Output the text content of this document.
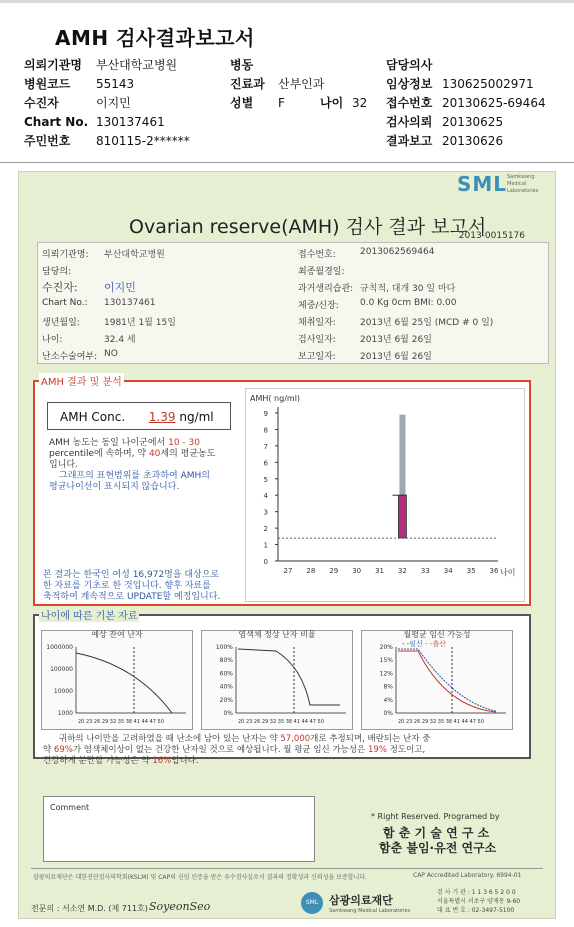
AMH 검사결과보고서
의뢰기관명 부산대학교병원
병원코드 55143
수진자	이지민
Chart No. 130137461
주민번호 810115-2******
병동
진료과 산부인과
성별 F	나이 32
담당의사
임상정보 130625002971
접수번호 20130625-69464
검사의뢰 20130625
결과보고 20130626
SML Samkwang Medical Laboratories
Ovarian reserve(AMH) 검사 결과 보고서
2013-0015176
의뢰기관명: 부산대학교병원
담당의:
수진자: 이지민
Chart No.: 130137461
생년월일:	1981년 1월 15일
나이:	32.4 세
난소수술여부: NO
접수번호:	2013062569464
최종월경일:
과거생리습관: 규칙적, 대개 30 일 마다
체중/신장: 0.0 Kg 0cm BMI: 0.00
채취일자:	2013년 6월 25일 (MCD # 0 일)
검사일자:	2013년 6월 26일
보고일자:	2013년 6월 26일
AMH 결과 및 분석
AMH Conc. 1.39 ng/ml
AMH 농도는 동일 나이군에서 10 - 30
percentile에 속하며, 약 40세의 평균농도
입니다.
그래프의 표현범위를 초과하여 AMH의
평균나이선이 표시되지 않습니다.
본 결과는 한국인 여성 16,972명을 대상으로
한 자료를 기초로 한 것입니다. 향후 자료를
축적하여 계속적으로 UPDATE할 예정입니다.
AMH( ng/ml)
0
1
2
3
4
5
6
7
8
9
27 28 29 30 31 32 33 34 35 36 나이
나이에 따른 기본 자료
예상 잔여 난자
1000000
100000
10000
1000
20 23 26 29 32 35 38 41 44 47 50
염색체 정상 난자 비율
100%
80%
60%
40%
20%
0%
20 23 26 29 32 35 38 41 44 47 50
월평균 임신 가능성
- -임신 - -출산
20%
15%
12%
8%
4%
0%
20 23 26 29 32 35 38 41 44 47 50
귀하의 나이만을 고려하였을 때 난소에 남아 있는 난자는 약 57,000개로 추정되며, 배란되는 난자 중
약 69%가 염색체이상이 없는 건강한 난자일 것으로 예상됩니다. 월 평균 임신 가능성은 19% 정도이고,
건강하게 분만할 가능성은 약 16%입니다.
Comment
* Right Reserved. Programed by
함 춘 기 술 연 구 소
함춘 불임·유전 연구소
삼광의료재단은 대한진단검사의학회(KSLM) 및 CAP의 신임 인증을 받은 우수검사실로서 결과의 정확성과 신뢰성을 보증합니다.	CAP Accredited Laboratory. 6994-01
전문의 : 서소연 M.D. (제 711호) SoyeonSeo	SML 삼광의료재단
Samkwang Medical Laboratories
검 사 기 관 : 1 1 3 6 5 2 0 0
서울특별시 서초구 양재동 9-60
대 표 번 호 : 02-3497-5100
